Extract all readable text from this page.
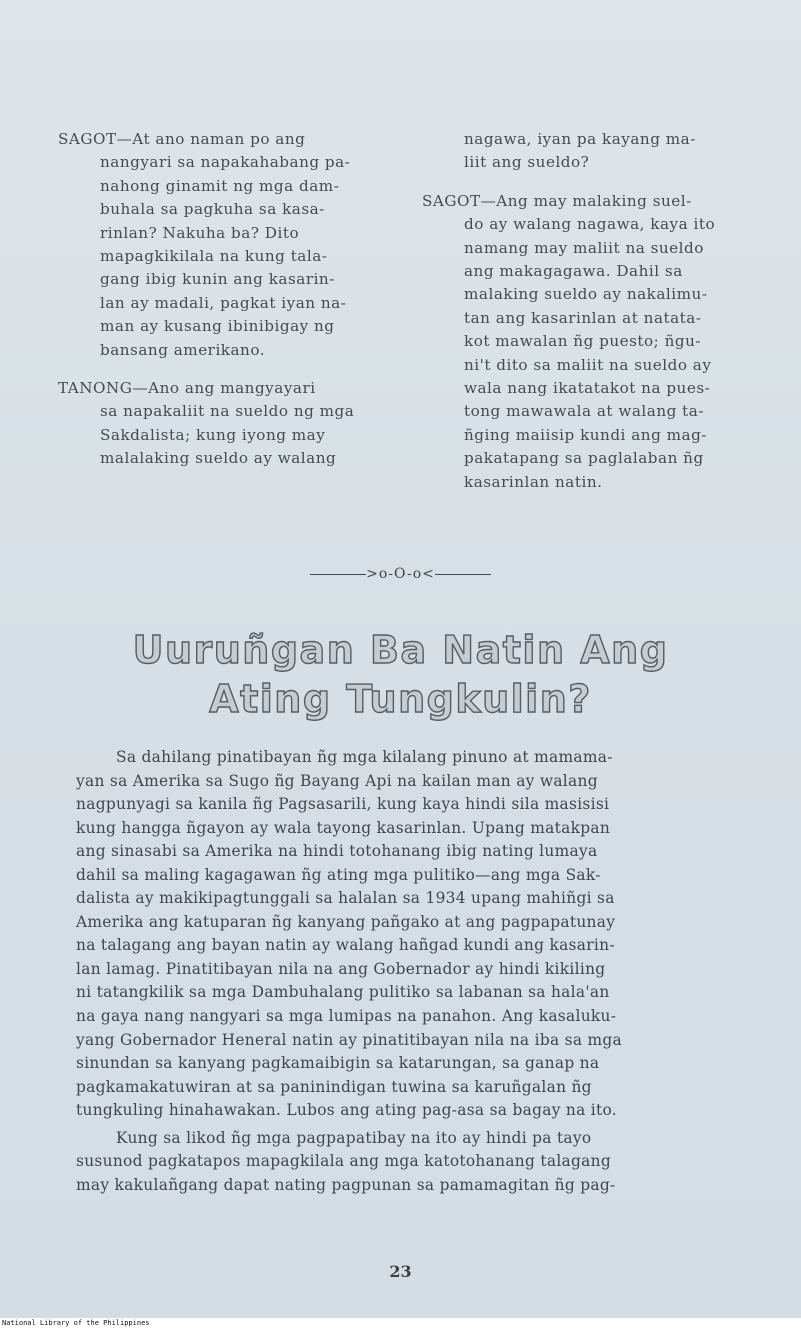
SAGOT—At ano naman po ang
nangyari sa napakahabang pa-
nahong ginamit ng mga dam-
buhala sa pagkuha sa kasa-
rinlan? Nakuha ba? Dito
mapagkikilala na kung tala-
gang ibig kunin ang kasarin-
lan ay madali, pagkat iyan na-
man ay kusang ibinibigay ng
bansang amerikano.
TANONG—Ano ang mangyayari
sa napakaliit na sueldo ng mga
Sakdalista; kung iyong may
malalaking sueldo ay walang
nagawa, iyan pa kayang ma-
liit ang sueldo?
SAGOT—Ang may malaking suel-
do ay walang nagawa, kaya ito
namang may maliit na sueldo
ang makagagawa. Dahil sa
malaking sueldo ay nakalimu-
tan ang kasarinlan at natata-
kot mawalan ñg puesto; ñgu-
ni't dito sa maliit na sueldo ay
wala nang ikatatakot na pues-
tong mawawala at walang ta-
ñging maiisip kundi ang mag-
pakatapang sa paglalaban ñg
kasarinlan natin.
>o-O-o<
Uuruñgan Ba Natin Ang
Ating Tungkulin?

Sa dahilang pinatibayan ñg mga kilalang pinuno at mamama-
yan sa Amerika sa Sugo ñg Bayang Api na kailan man ay walang
nagpunyagi sa kanila ñg Pagsasarili, kung kaya hindi sila masisisi
kung hangga ñgayon ay wala tayong kasarinlan. Upang matakpan
ang sinasabi sa Amerika na hindi totohanang ibig nating lumaya
dahil sa maling kagagawan ñg ating mga pulitiko—ang mga Sak-
dalista ay makikipagtunggali sa halalan sa 1934 upang mahiñgi sa
Amerika ang katuparan ñg kanyang pañgako at ang pagpapatunay
na talagang ang bayan natin ay walang hañgad kundi ang kasarin-
lan lamag. Pinatitibayan nila na ang Gobernador ay hindi kikiling
ni tatangkilik sa mga Dambuhalang pulitiko sa labanan sa hala'an
na gaya nang nangyari sa mga lumipas na panahon. Ang kasaluku-
yang Gobernador Heneral natin ay pinatitibayan nila na iba sa mga
sinundan sa kanyang pagkamaibigin sa katarungan, sa ganap na
pagkamakatuwiran at sa paninindigan tuwina sa karuñgalan ñg
tungkuling hinahawakan. Lubos ang ating pag-asa sa bagay na ito.

Kung sa likod ñg mga pagpapatibay na ito ay hindi pa tayo
susunod pagkatapos mapagkilala ang mga katotohanang talagang
may kakulañgang dapat nating pagpunan sa pamamagitan ñg pag-

23
National Library of the Philippines
